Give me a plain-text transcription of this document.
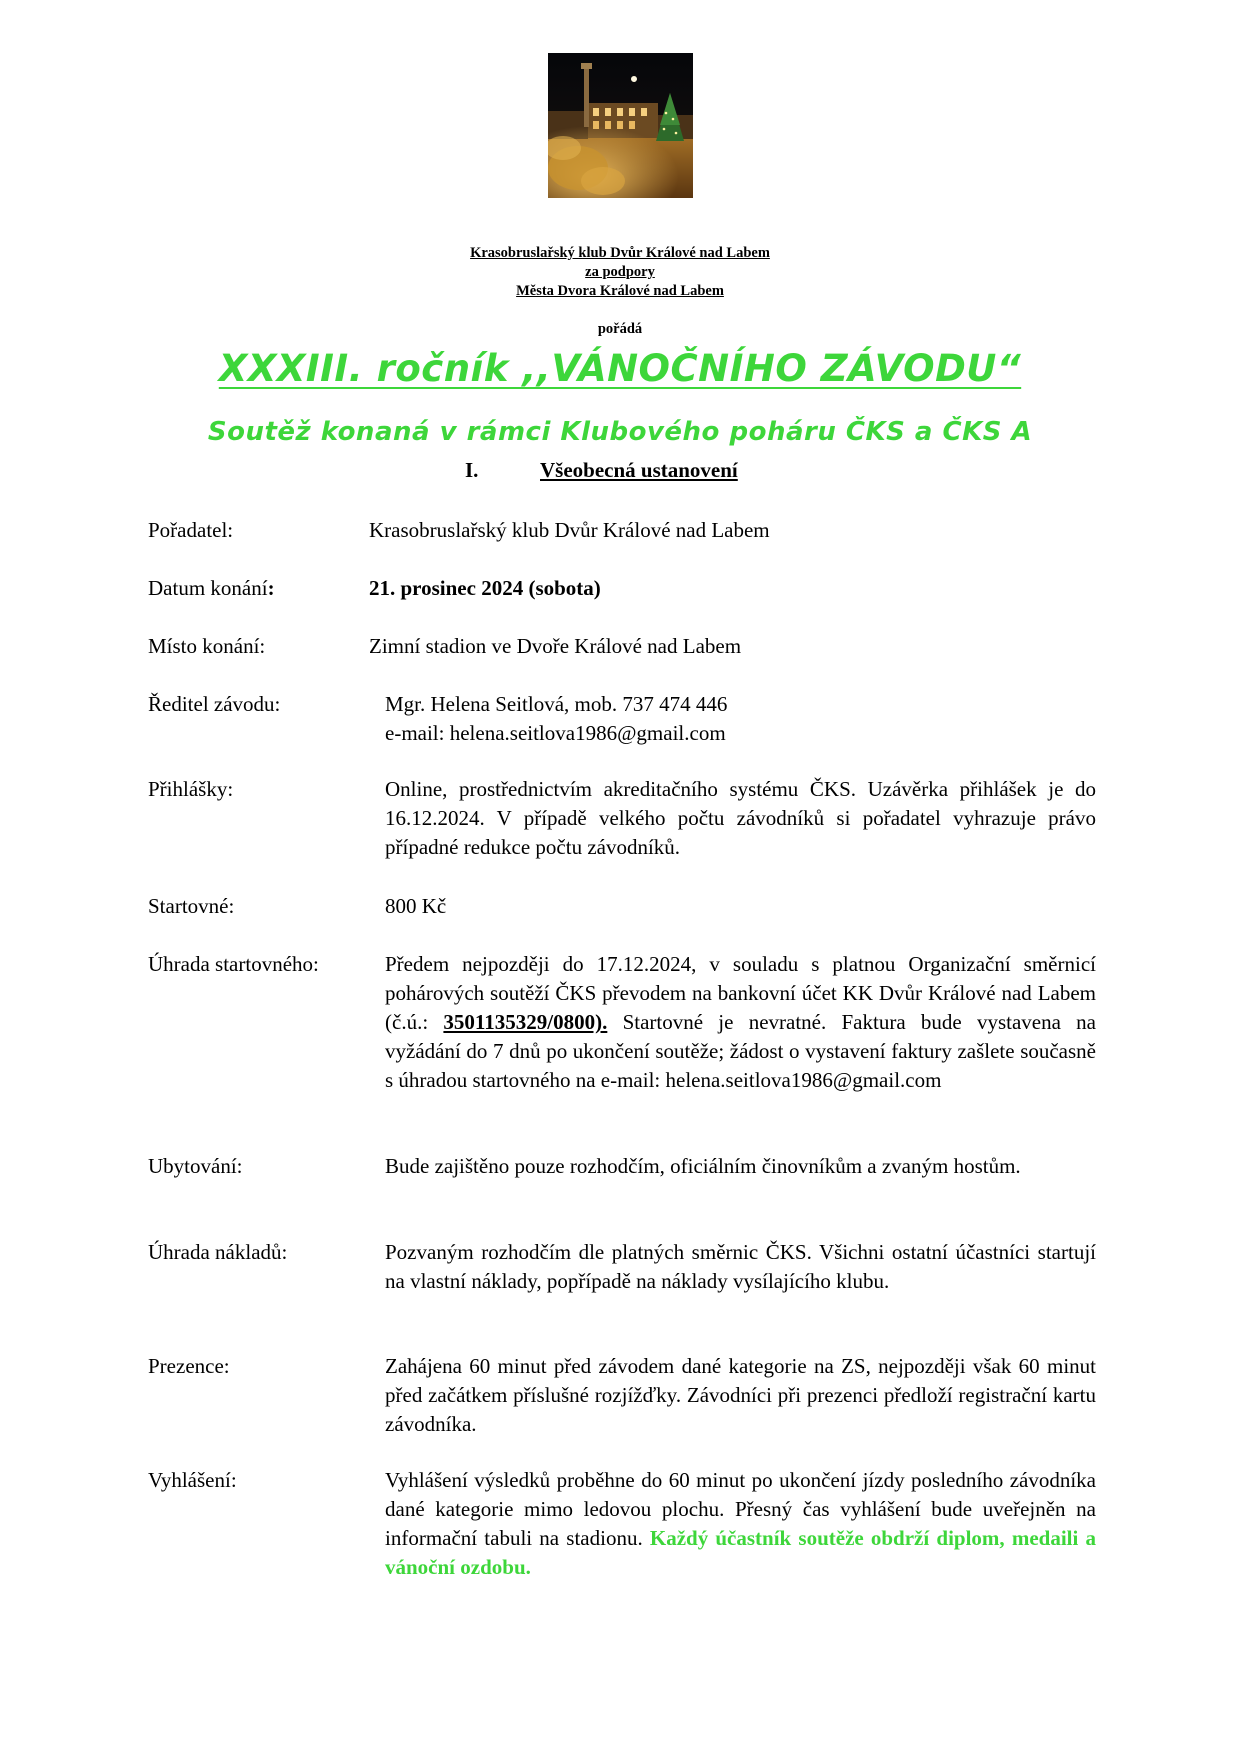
Krasobruslařský klub Dvůr Králové nad Labem
za podpory
Města Dvora Králové nad Labem
pořádá
XXXIII. ročník ,,VÁNOČNÍHO ZÁVODU“
Soutěž konaná v rámci Klubového poháru ČKS a ČKS A
I.	Všeobecná ustanovení
Pořadatel:	Krasobruslařský klub Dvůr Králové nad Labem
Datum konání:	21. prosinec 2024 (sobota)
Místo konání:	Zimní stadion ve Dvoře Králové nad Labem
Ředitel závodu:	Mgr. Helena Seitlová, mob. 737 474 446
e-mail: helena.seitlova1986@gmail.com
Přihlášky:	Online, prostřednictvím akreditačního systému ČKS. Uzávěrka přihlášek je do 16.12.2024. V případě velkého počtu závodníků si pořadatel vyhrazuje právo případné redukce počtu závodníků.
Startovné:	800 Kč
Úhrada startovného:	Předem nejpozději do 17.12.2024, v souladu s platnou Organizační směrnicí pohárových soutěží ČKS převodem na bankovní účet KK Dvůr Králové nad Labem (č.ú.: 3501135329/0800). Startovné je nevratné. Faktura bude vystavena na vyžádání do 7 dnů po ukončení soutěže; žádost o vystavení faktury zašlete současně s úhradou startovného na e-mail: helena.seitlova1986@gmail.com
Ubytování:	Bude zajištěno pouze rozhodčím, oficiálním činovníkům a zvaným hostům.
Úhrada nákladů:	Pozvaným rozhodčím dle platných směrnic ČKS. Všichni ostatní účastníci startují na vlastní náklady, popřípadě na náklady vysílajícího klubu.
Prezence:	Zahájena 60 minut před závodem dané kategorie na ZS, nejpozději však 60 minut před začátkem příslušné rozjížďky. Závodníci při prezenci předloží registrační kartu závodníka.
Vyhlášení:	Vyhlášení výsledků proběhne do 60 minut po ukončení jízdy posledního závodníka dané kategorie mimo ledovou plochu. Přesný čas vyhlášení bude uveřejněn na informační tabuli na stadionu. Každý účastník soutěže obdrží diplom, medaili a vánoční ozdobu.
